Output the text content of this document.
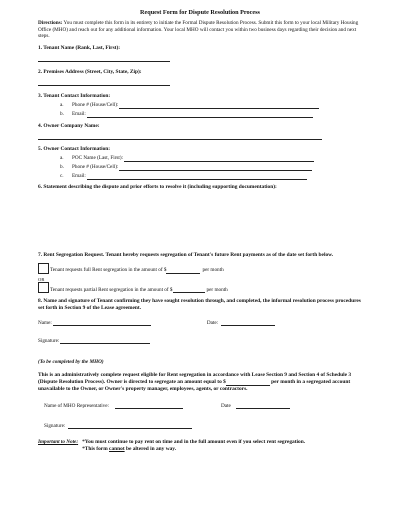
Request Form for Dispute Resolution Process
Directions: You must complete this form in its entirety to initiate the Formal Dispute Resolution Process. Submit this form to your local Military Housing Office (MHO) and reach out for any additional information. Your local MHO will contact you within two business days regarding their decision and next steps.
1. Tenant Name (Rank, Last, First):
2. Premises Address (Street, City, State, Zip):
3. Tenant Contact Information:
a.	Phone # (House/Cell):
b.	Email:
4. Owner Company Name:
5. Owner Contact Information:
a.	POC Name (Last, First):
b.	Phone # (House/Cell):
c.	Email:
6. Statement describing the dispute and prior efforts to resolve it (including supporting documentation):
7. Rent Segregation Request. Tenant hereby requests segregation of Tenant's future Rent payments as of the date set forth below.
Tenant requests full Rent segregation in the amount of $	per month
OR
Tenant requests partial Rent segregation in the amount of $	per month
8. Name and signature of Tenant confirming they have sought resolution through, and completed, the informal resolution process procedures set forth in Section 9 of the Lease agreement.
Name:	Date:
Signature:
(To be completed by the MHO)
This is an administratively complete request eligible for Rent segregation in accordance with Lease Section 9 and Section 4 of Schedule 3 (Dispute Resolution Process). Owner is directed to segregate an amount equal to $	per month in a segregated account unavailable to the Owner, or Owner's property manager, employees, agents, or contractors.
Name of MHO Representative:	Date
Signature:
Important to Note: *You must continue to pay rent on time and in the full amount even if you select rent segregation.
*This form cannot be altered in any way.
